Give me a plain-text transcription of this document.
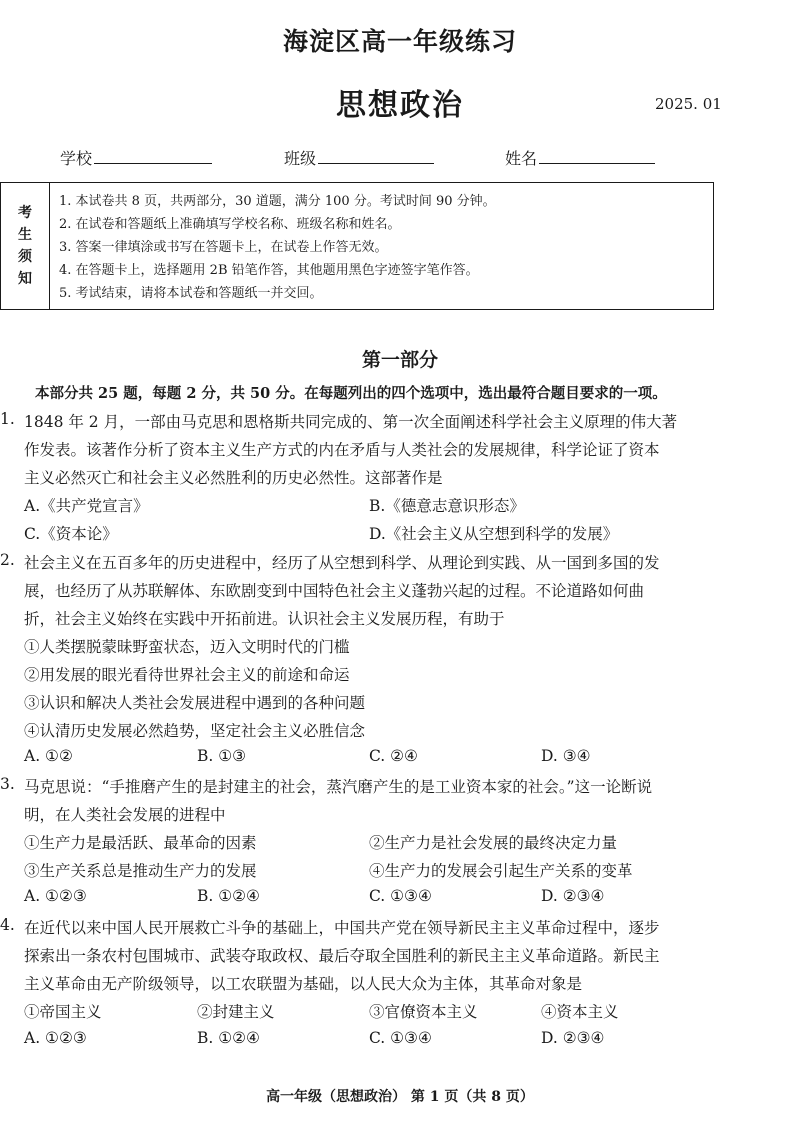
海淀区高一年级练习
思想政治	2025. 01
学校	班级	姓名
考
生
须
知
1. 本试卷共 8 页，共两部分，30 道题，满分 100 分。考试时间 90 分钟。
2. 在试卷和答题纸上准确填写学校名称、班级名称和姓名。
3. 答案一律填涂或书写在答题卡上，在试卷上作答无效。
4. 在答题卡上，选择题用 2B 铅笔作答，其他题用黑色字迹签字笔作答。
5. 考试结束，请将本试卷和答题纸一并交回。
第一部分
本部分共 25 题，每题 2 分，共 50 分。在每题列出的四个选项中，选出最符合题目要求的一项。
1. 1848 年 2 月，一部由马克思和恩格斯共同完成的、第一次全面阐述科学社会主义原理的伟大著
作发表。该著作分析了资本主义生产方式的内在矛盾与人类社会的发展规律，科学论证了资本
主义必然灭亡和社会主义必然胜利的历史必然性。这部著作是
A.《共产党宣言》	B.《德意志意识形态》
C.《资本论》	D.《社会主义从空想到科学的发展》
2. 社会主义在五百多年的历史进程中，经历了从空想到科学、从理论到实践、从一国到多国的发
展，也经历了从苏联解体、东欧剧变到中国特色社会主义蓬勃兴起的过程。不论道路如何曲
折，社会主义始终在实践中开拓前进。认识社会主义发展历程，有助于
①人类摆脱蒙昧野蛮状态，迈入文明时代的门槛
②用发展的眼光看待世界社会主义的前途和命运
③认识和解决人类社会发展进程中遇到的各种问题
④认清历史发展必然趋势，坚定社会主义必胜信念
A. ①②	B. ①③	C. ②④	D. ③④
3. 马克思说：“手推磨产生的是封建主的社会，蒸汽磨产生的是工业资本家的社会。”这一论断说
明，在人类社会发展的进程中
①生产力是最活跃、最革命的因素	②生产力是社会发展的最终决定力量
③生产关系总是推动生产力的发展	④生产力的发展会引起生产关系的变革
A. ①②③	B. ①②④	C. ①③④	D. ②③④
4. 在近代以来中国人民开展救亡斗争的基础上，中国共产党在领导新民主主义革命过程中，逐步
探索出一条农村包围城市、武装夺取政权、最后夺取全国胜利的新民主主义革命道路。新民主
主义革命由无产阶级领导，以工农联盟为基础，以人民大众为主体，其革命对象是
①帝国主义	②封建主义	③官僚资本主义	④资本主义
A. ①②③	B. ①②④	C. ①③④	D. ②③④
高一年级（思想政治） 第 1 页（共 8 页）
